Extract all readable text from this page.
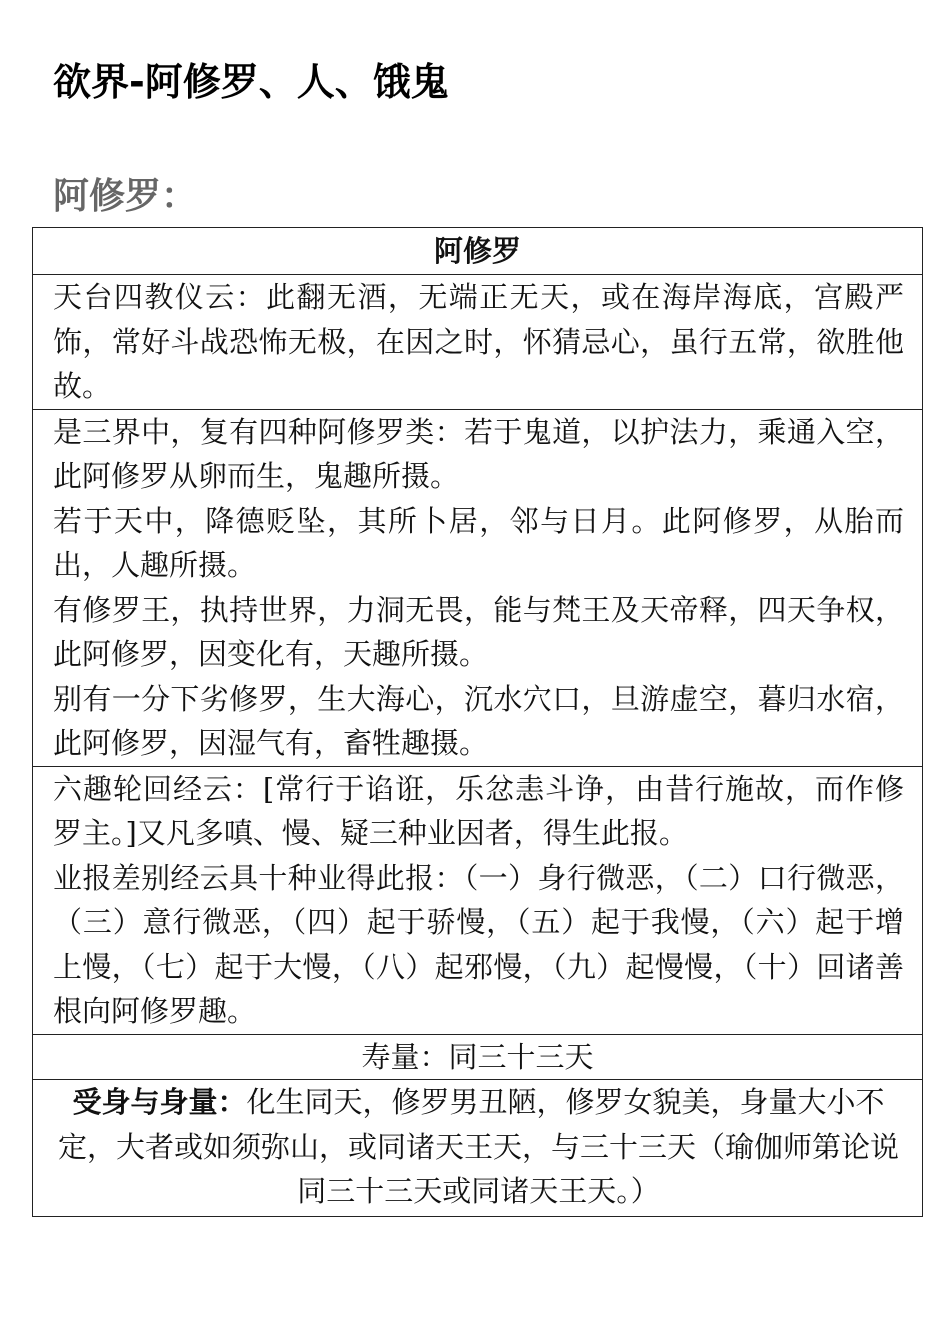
欲界-阿修罗、人、饿鬼
阿修罗：
阿修罗

天台四教仪云：此翻无酒，无端正无天，或在海岸海底，宫殿严饰，常好斗战恐怖无极，在因之时，怀猜忌心，虽行五常，欲胜他故。

是三界中，复有四种阿修罗类：若于鬼道，以护法力，乘通入空，此阿修罗从卵而生，鬼趣所摄。
若于天中，降德贬坠，其所卜居，邻与日月。此阿修罗，从胎而出，人趣所摄。
有修罗王，执持世界，力洞无畏，能与梵王及天帝释，四天争权，此阿修罗，因变化有，天趣所摄。
别有一分下劣修罗，生大海心，沉水穴口，旦游虚空，暮归水宿，此阿修罗，因湿气有，畜牲趣摄。

六趣轮回经云：[常行于谄诳，乐忿恚斗诤，由昔行施故，而作修罗主。]又凡多嗔、慢、疑三种业因者，得生此报。
业报差别经云具十种业得此报：（一）身行微恶，（二）口行微恶，（三）意行微恶，（四）起于骄慢，（五）起于我慢，（六）起于增上慢，（七）起于大慢，（八）起邪慢，（九）起慢慢，（十）回诸善根向阿修罗趣。

寿量：同三十三天
受身与身量：化生同天，修罗男丑陋，修罗女貌美，身量大小不定，大者或如须弥山，或同诸天王天，与三十三天（瑜伽师第论说同三十三天或同诸天王天。）
